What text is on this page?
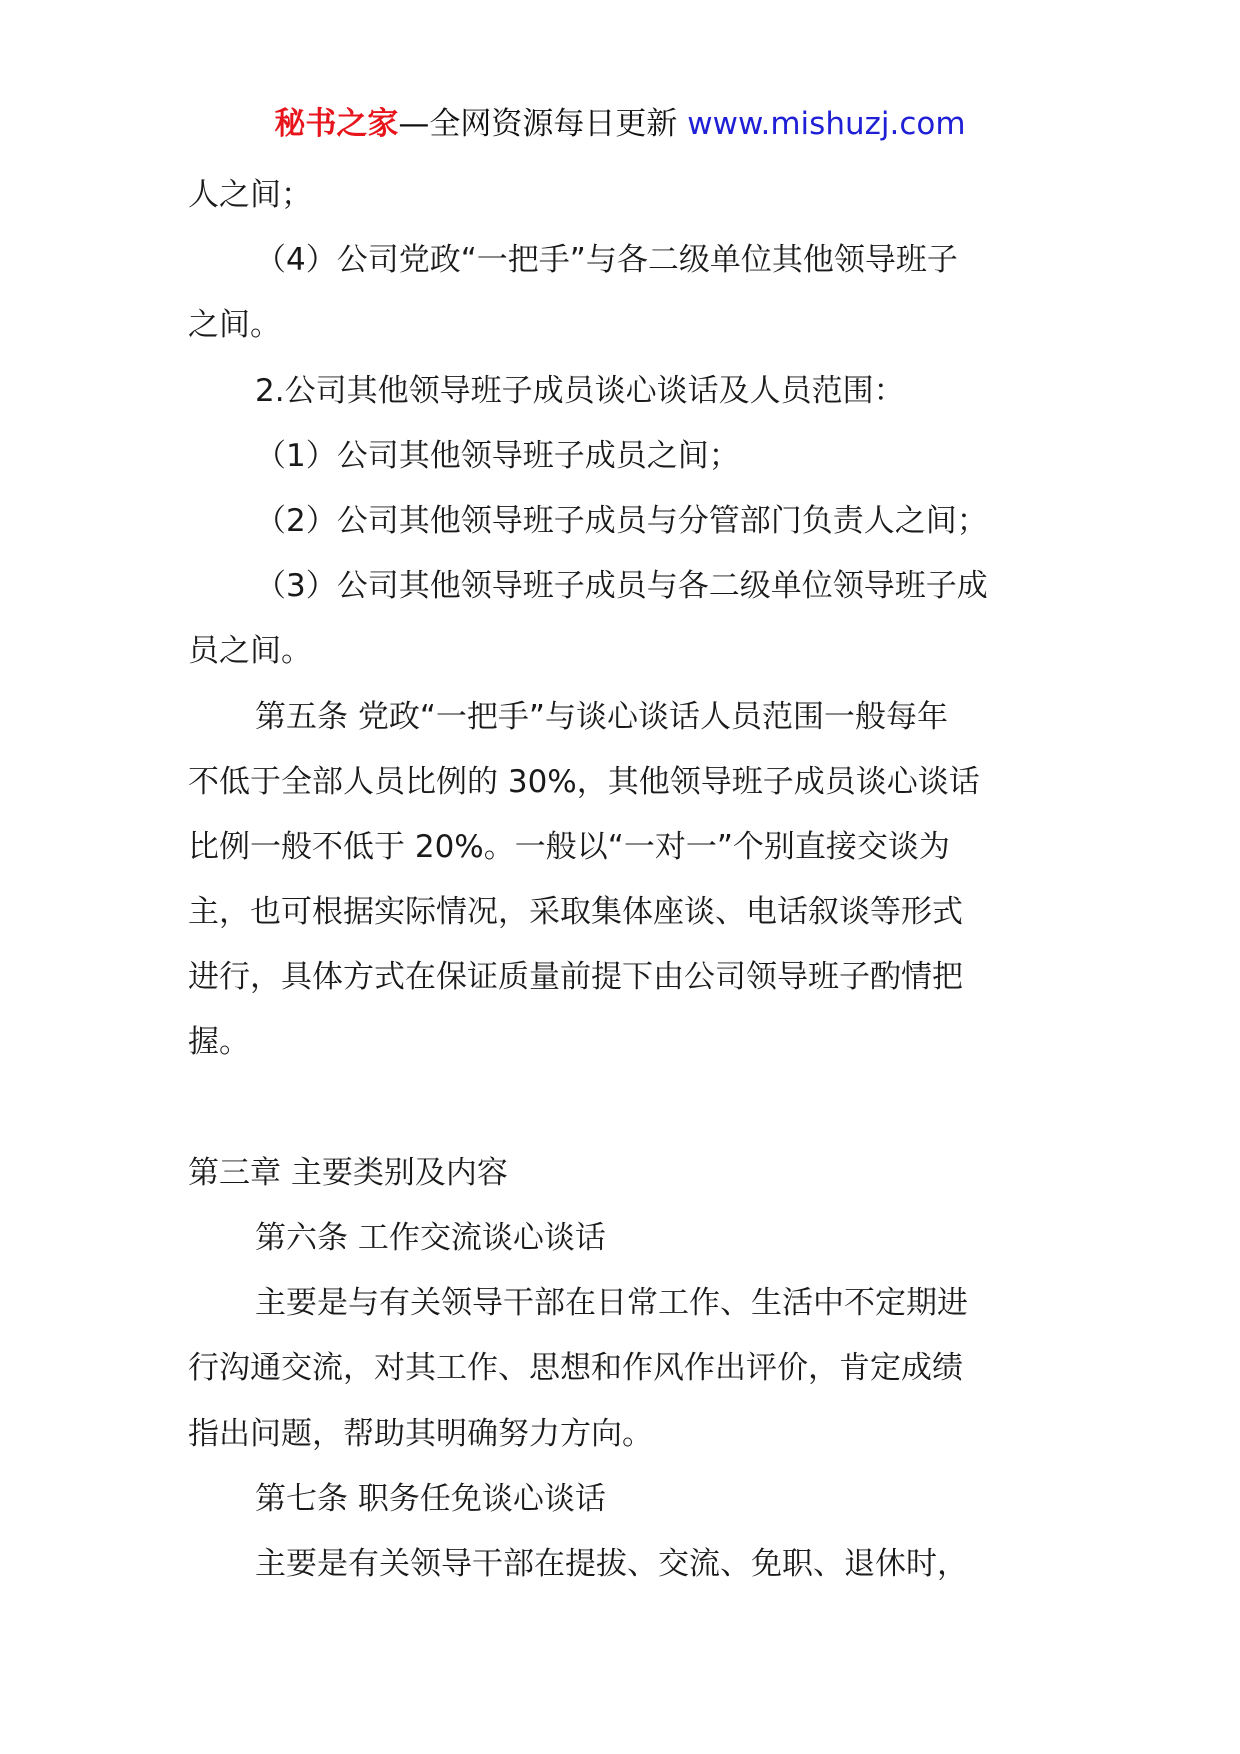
秘书之家—全网资源每日更新 www.mishuzj.com
人之间；
（4）公司党政“一把手”与各二级单位其他领导班子
之间。
2.公司其他领导班子成员谈心谈话及人员范围：
（1）公司其他领导班子成员之间；
（2）公司其他领导班子成员与分管部门负责人之间；
（3）公司其他领导班子成员与各二级单位领导班子成
员之间。
第五条 党政“一把手”与谈心谈话人员范围一般每年
不低于全部人员比例的 30%，其他领导班子成员谈心谈话
比例一般不低于 20%。一般以“一对一”个别直接交谈为
主，也可根据实际情况，采取集体座谈、电话叙谈等形式
进行，具体方式在保证质量前提下由公司领导班子酌情把
握。
第三章 主要类别及内容
第六条 工作交流谈心谈话
主要是与有关领导干部在日常工作、生活中不定期进
行沟通交流，对其工作、思想和作风作出评价，肯定成绩
指出问题，帮助其明确努力方向。
第七条 职务任免谈心谈话
主要是有关领导干部在提拔、交流、免职、退休时，
